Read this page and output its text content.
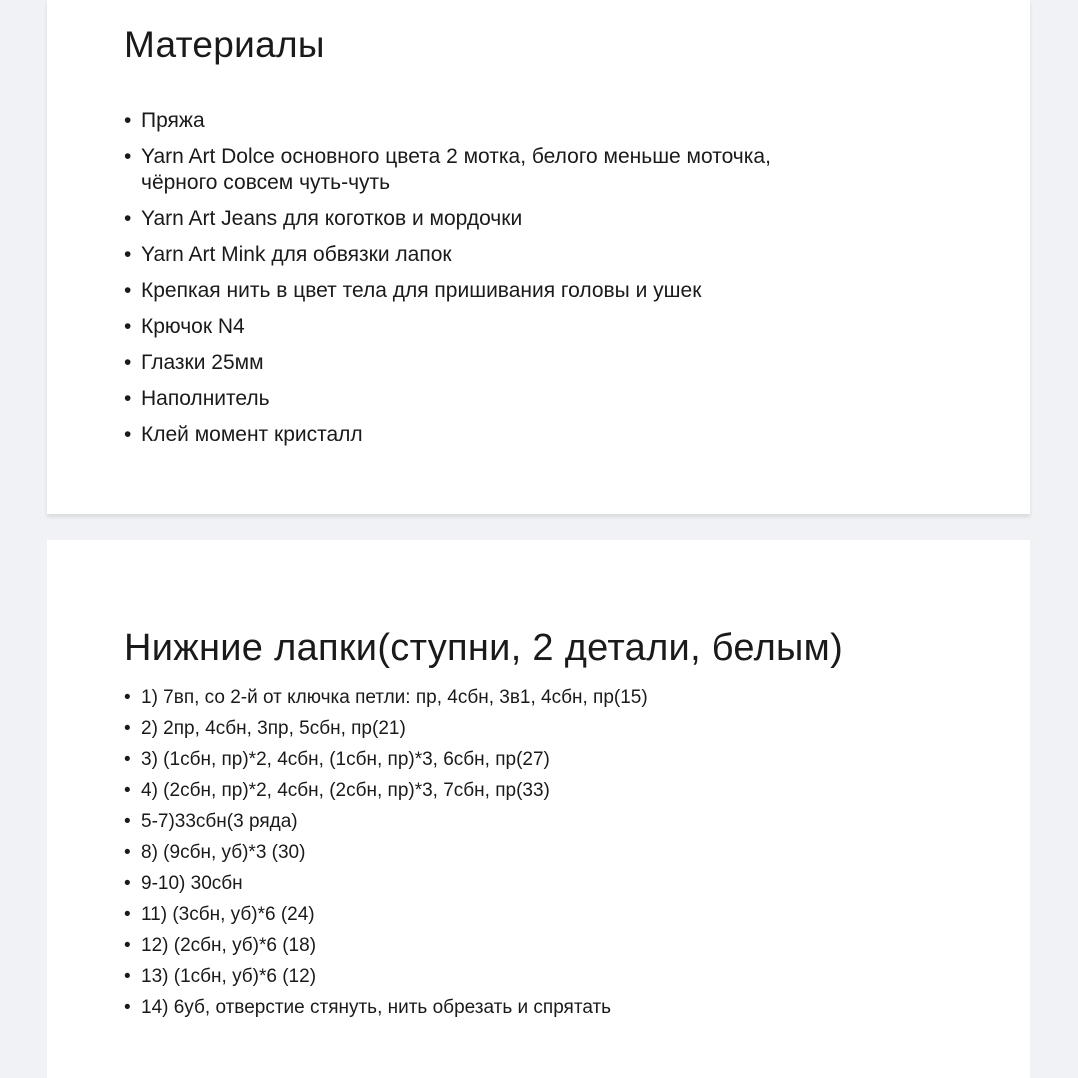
Материалы
• Пряжа
• Yarn Art Dolce основного цвета 2 мотка, белого меньше моточка,
чёрного совсем чуть-чуть
• Yarn Art Jeans для коготков и мордочки
• Yarn Art Mink для обвязки лапок
• Крепкая нить в цвет тела для пришивания головы и ушек
• Крючок N4
• Глазки 25мм
• Наполнитель
• Клей момент кристалл
Нижние лапки(ступни, 2 детали, белым)
• 1) 7вп, со 2-й от ключка петли: пр, 4сбн, 3в1, 4сбн, пр(15)
• 2) 2пр, 4сбн, 3пр, 5сбн, пр(21)
• 3) (1сбн, пр)*2, 4сбн, (1сбн, пр)*3, 6сбн, пр(27)
• 4) (2сбн, пр)*2, 4сбн, (2сбн, пр)*3, 7сбн, пр(33)
• 5-7)33сбн(3 ряда)
• 8) (9сбн, уб)*3 (30)
• 9-10) 30сбн
• 11) (3сбн, уб)*6 (24)
• 12) (2сбн, уб)*6 (18)
• 13) (1сбн, уб)*6 (12)
• 14) 6уб, отверстие стянуть, нить обрезать и спрятать
